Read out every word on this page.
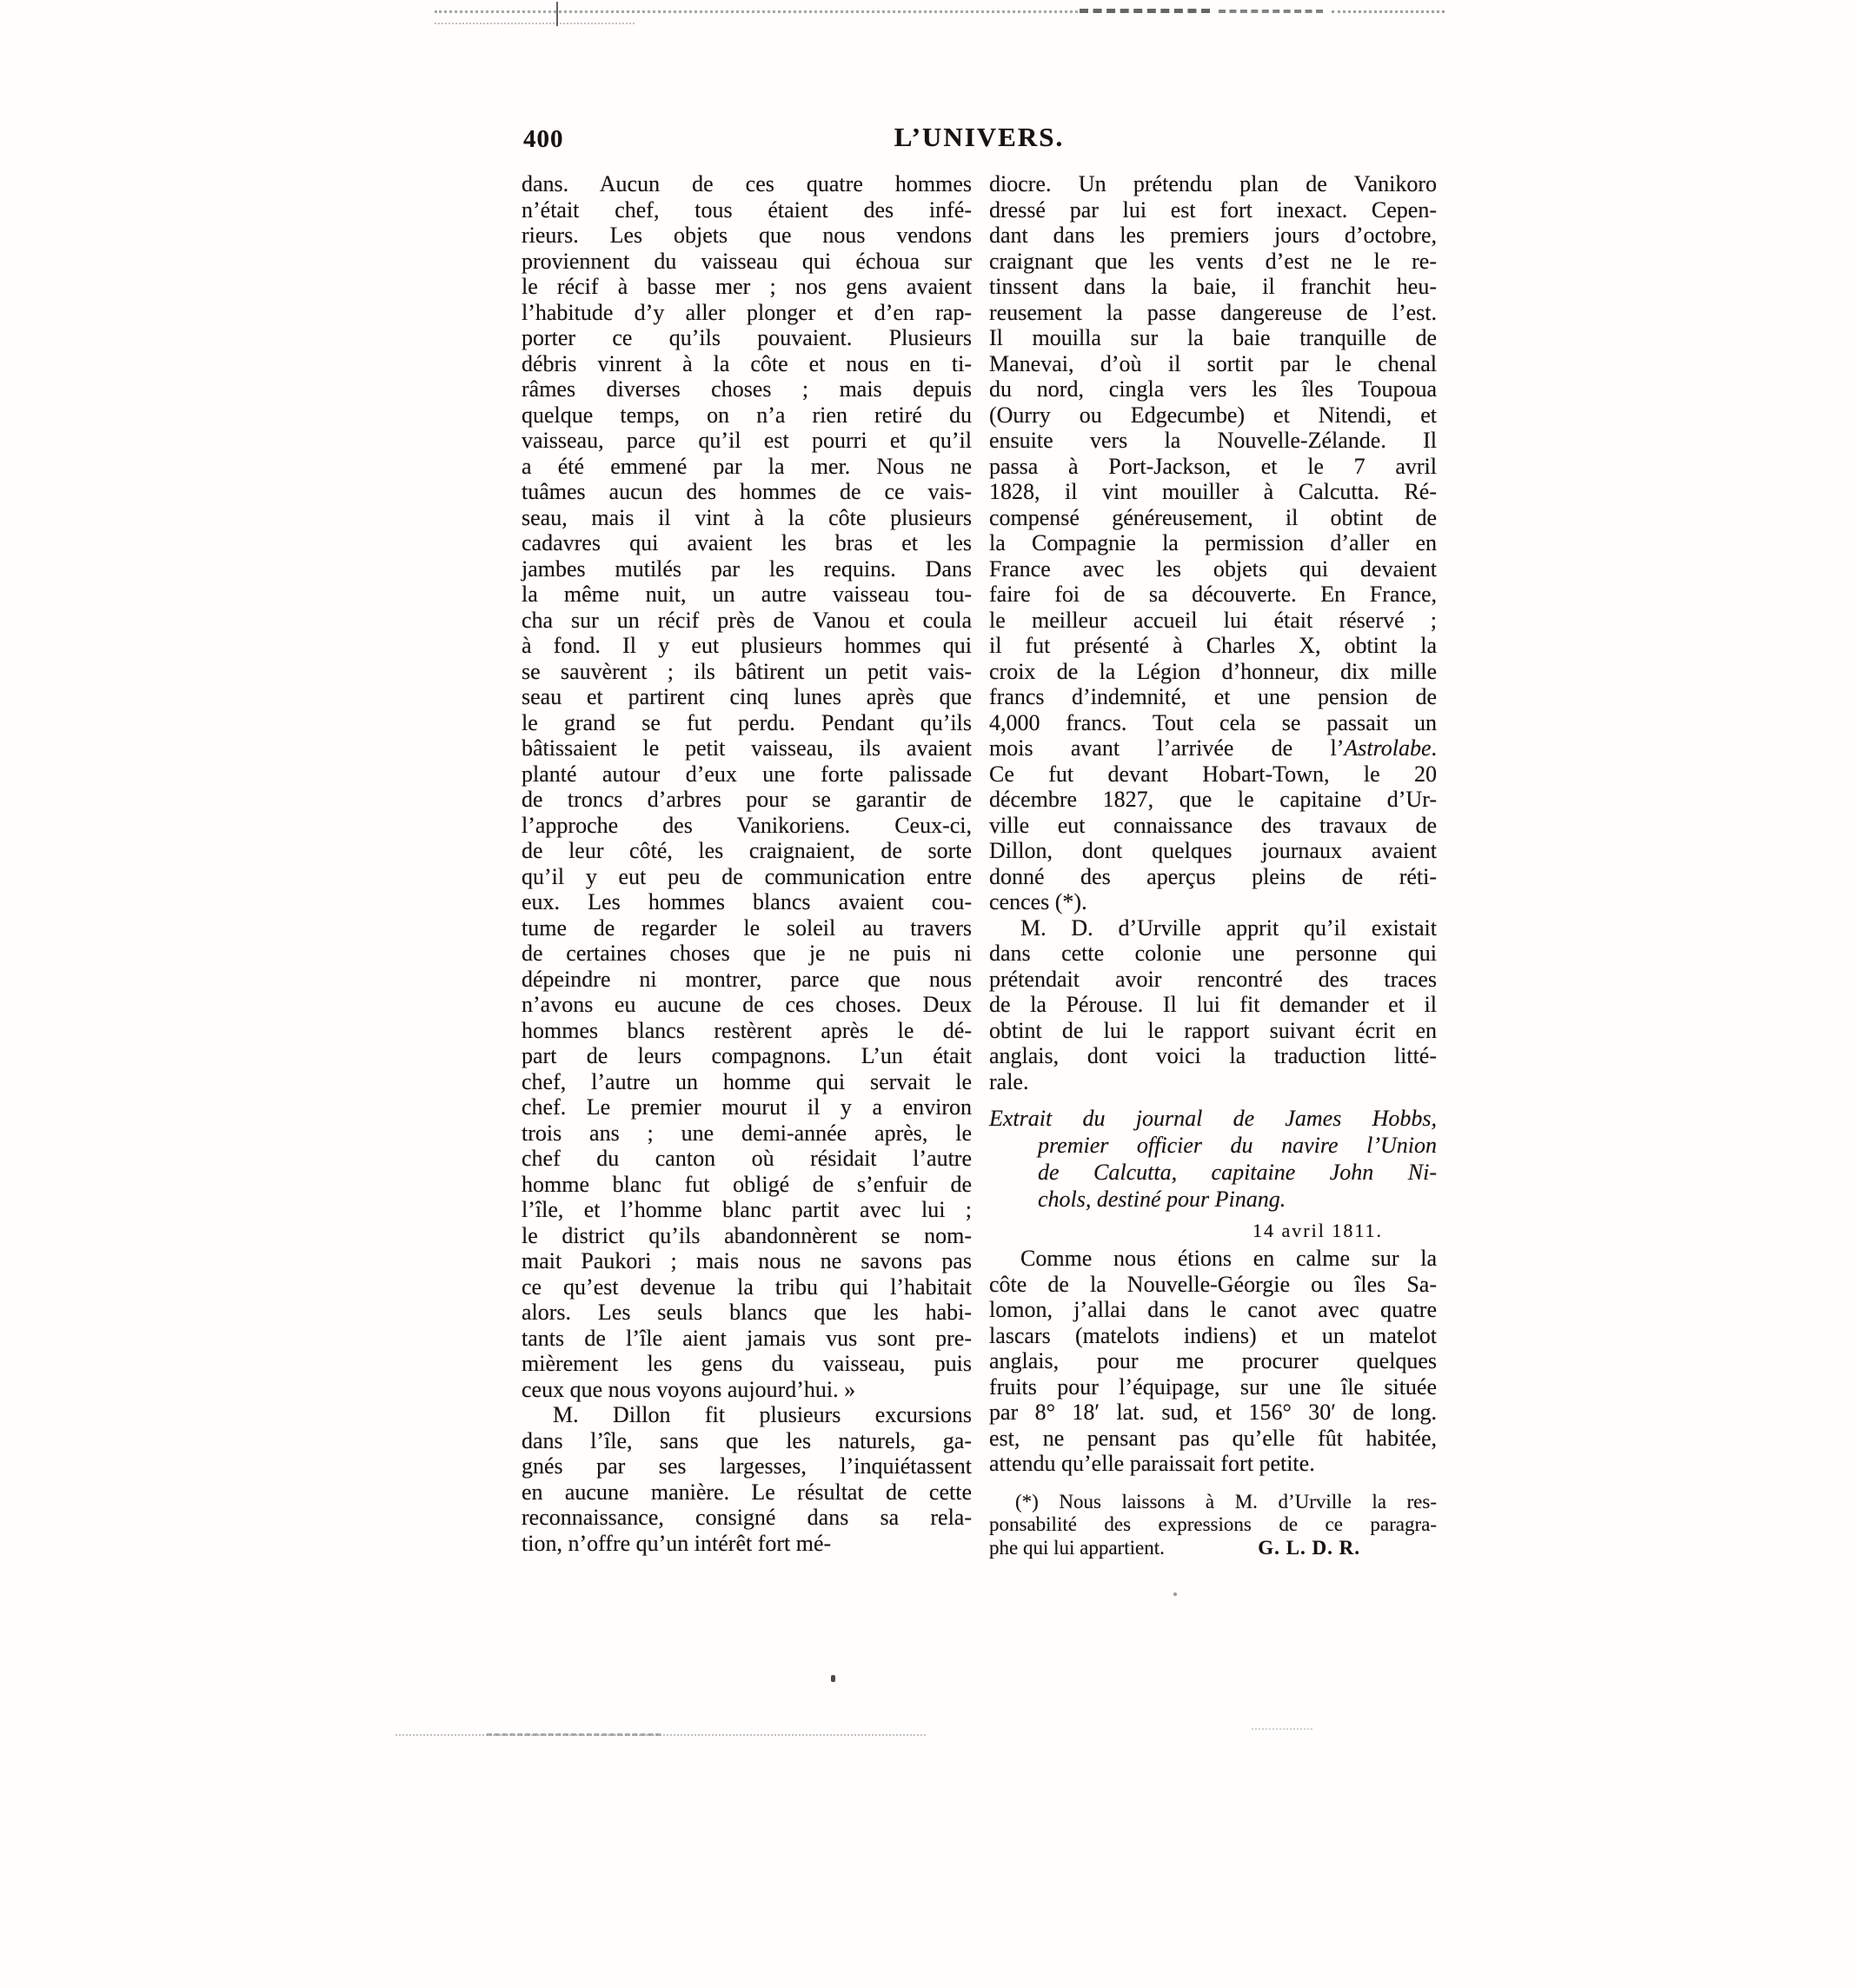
400	L’UNIVERS.
dans. Aucun de ces quatre hommes
n’était chef, tous étaient des infé-
rieurs. Les objets que nous vendons
proviennent du vaisseau qui échoua sur
le récif à basse mer ; nos gens avaient
l’habitude d’y aller plonger et d’en rap-
porter ce qu’ils pouvaient. Plusieurs
débris vinrent à la côte et nous en ti-
râmes diverses choses ; mais depuis
quelque temps, on n’a rien retiré du
vaisseau, parce qu’il est pourri et qu’il
a été emmené par la mer. Nous ne
tuâmes aucun des hommes de ce vais-
seau, mais il vint à la côte plusieurs
cadavres qui avaient les bras et les
jambes mutilés par les requins. Dans
la même nuit, un autre vaisseau tou-
cha sur un récif près de Vanou et coula
à fond. Il y eut plusieurs hommes qui
se sauvèrent ; ils bâtirent un petit vais-
seau et partirent cinq lunes après que
le grand se fut perdu. Pendant qu’ils
bâtissaient le petit vaisseau, ils avaient
planté autour d’eux une forte palissade
de troncs d’arbres pour se garantir de
l’approche des Vanikoriens. Ceux-ci,
de leur côté, les craignaient, de sorte
qu’il y eut peu de communication entre
eux. Les hommes blancs avaient cou-
tume de regarder le soleil au travers
de certaines choses que je ne puis ni
dépeindre ni montrer, parce que nous
n’avons eu aucune de ces choses. Deux
hommes blancs restèrent après le dé-
part de leurs compagnons. L’un était
chef, l’autre un homme qui servait le
chef. Le premier mourut il y a environ
trois ans ; une demi-année après, le
chef du canton où résidait l’autre
homme blanc fut obligé de s’enfuir de
l’île, et l’homme blanc partit avec lui ;
le district qu’ils abandonnèrent se nom-
mait Paukori ; mais nous ne savons pas
ce qu’est devenue la tribu qui l’habitait
alors. Les seuls blancs que les habi-
tants de l’île aient jamais vus sont pre-
mièrement les gens du vaisseau, puis
ceux que nous voyons aujourd’hui. »
M. Dillon fit plusieurs excursions
dans l’île, sans que les naturels, ga-
gnés par ses largesses, l’inquiétassent
en aucune manière. Le résultat de cette
reconnaissance, consigné dans sa rela-
tion, n’offre qu’un intérêt fort mé-
diocre. Un prétendu plan de Vanikoro
dressé par lui est fort inexact. Cepen-
dant dans les premiers jours d’octobre,
craignant que les vents d’est ne le re-
tinssent dans la baie, il franchit heu-
reusement la passe dangereuse de l’est.
Il mouilla sur la baie tranquille de
Manevai, d’où il sortit par le chenal
du nord, cingla vers les îles Toupoua
(Ourry ou Edgecumbe) et Nitendi, et
ensuite vers la Nouvelle-Zélande. Il
passa à Port-Jackson, et le 7 avril
1828, il vint mouiller à Calcutta. Ré-
compensé généreusement, il obtint de
la Compagnie la permission d’aller en
France avec les objets qui devaient
faire foi de sa découverte. En France,
le meilleur accueil lui était réservé ;
il fut présenté à Charles X, obtint la
croix de la Légion d’honneur, dix mille
francs d’indemnité, et une pension de
4,000 francs. Tout cela se passait un
mois avant l’arrivée de l’Astrolabe.
Ce fut devant Hobart-Town, le 20
décembre 1827, que le capitaine d’Ur-
ville eut connaissance des travaux de
Dillon, dont quelques journaux avaient
donné des aperçus pleins de réti-
cences (*).
M. D. d’Urville apprit qu’il existait
dans cette colonie une personne qui
prétendait avoir rencontré des traces
de la Pérouse. Il lui fit demander et il
obtint de lui le rapport suivant écrit en
anglais, dont voici la traduction litté-
rale.
Extrait du journal de James Hobbs,
premier officier du navire l’Union
de Calcutta, capitaine John Ni-
chols, destiné pour Pinang.
14 avril 1811.
Comme nous étions en calme sur la
côte de la Nouvelle-Géorgie ou îles Sa-
lomon, j’allai dans le canot avec quatre
lascars (matelots indiens) et un matelot
anglais, pour me procurer quelques
fruits pour l’équipage, sur une île située
par 8° 18′ lat. sud, et 156° 30′ de long.
est, ne pensant pas qu’elle fût habitée,
attendu qu’elle paraissait fort petite.
(*) Nous laissons à M. d’Urville la res-
ponsabilité des expressions de ce paragra-
phe qui lui appartient.	G. L. D. R.
